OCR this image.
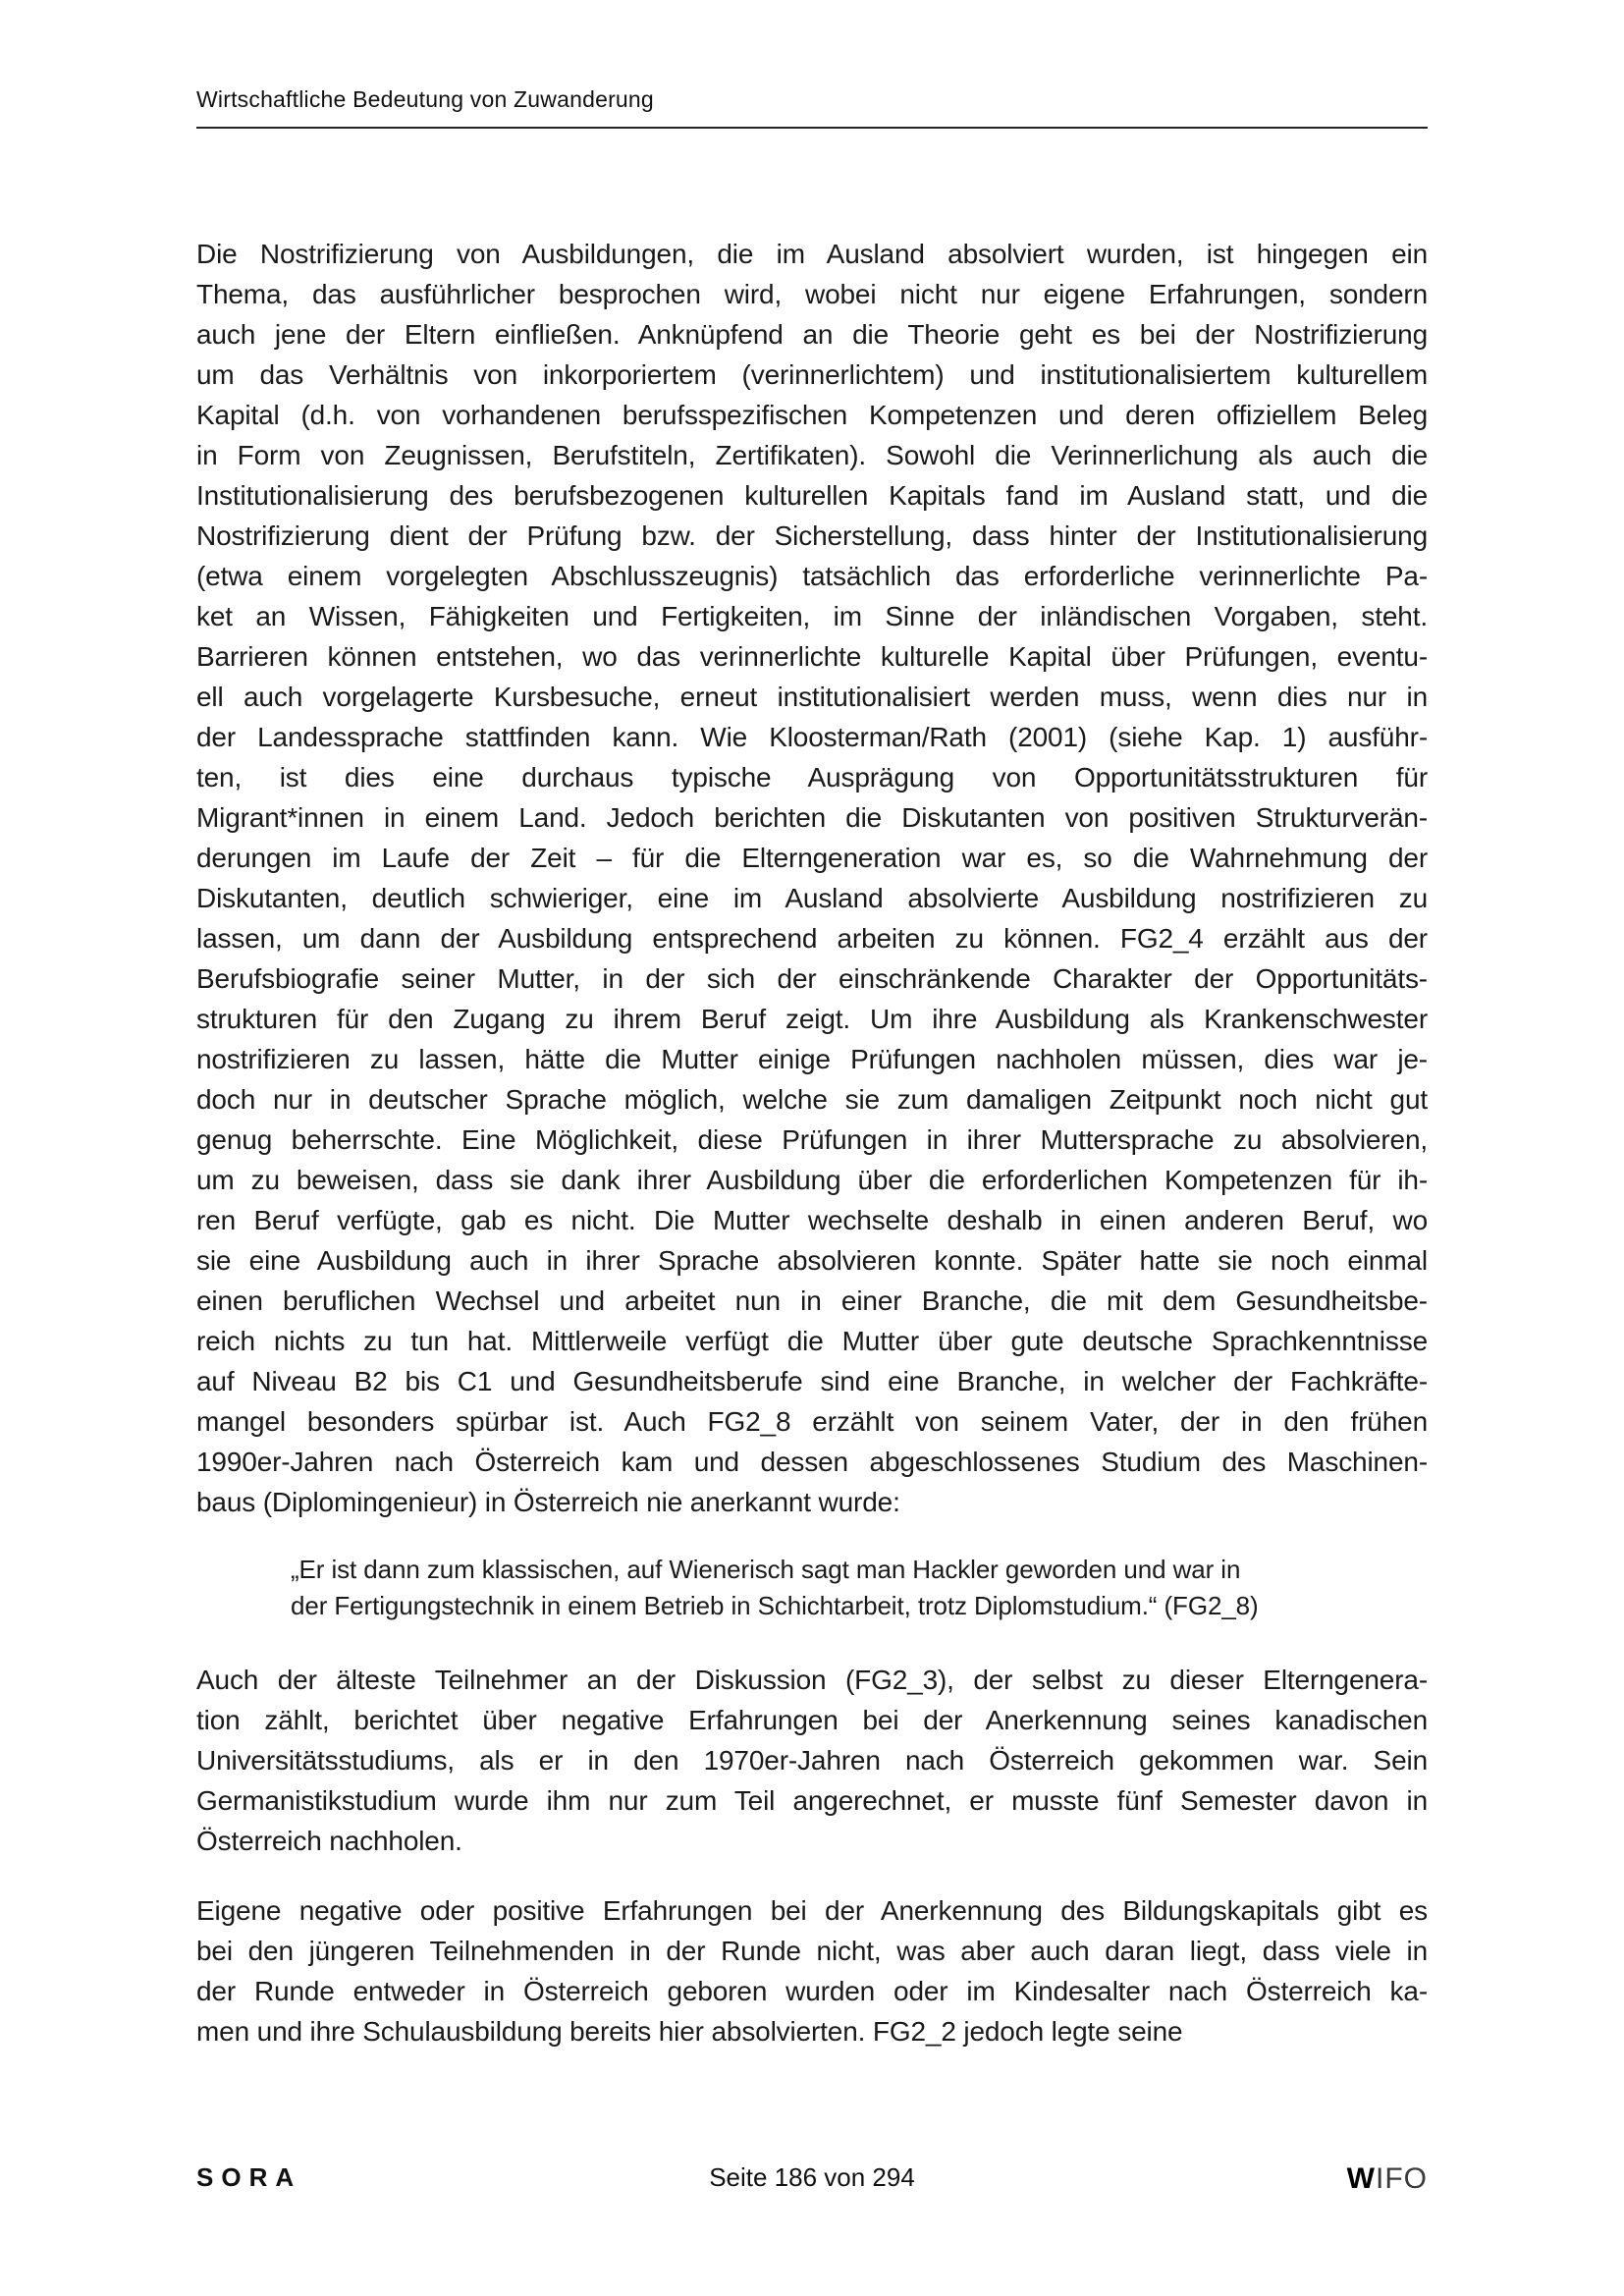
Wirtschaftliche Bedeutung von Zuwanderung
Die Nostrifizierung von Ausbildungen, die im Ausland absolviert wurden, ist hingegen ein
Thema, das ausführlicher besprochen wird, wobei nicht nur eigene Erfahrungen, sondern
auch jene der Eltern einfließen. Anknüpfend an die Theorie geht es bei der Nostrifizierung
um das Verhältnis von inkorporiertem (verinnerlichtem) und institutionalisiertem kulturellem
Kapital (d.h. von vorhandenen berufsspezifischen Kompetenzen und deren offiziellem Beleg
in Form von Zeugnissen, Berufstiteln, Zertifikaten). Sowohl die Verinnerlichung als auch die
Institutionalisierung des berufsbezogenen kulturellen Kapitals fand im Ausland statt, und die
Nostrifizierung dient der Prüfung bzw. der Sicherstellung, dass hinter der Institutionalisierung
(etwa einem vorgelegten Abschlusszeugnis) tatsächlich das erforderliche verinnerlichte Pa-
ket an Wissen, Fähigkeiten und Fertigkeiten, im Sinne der inländischen Vorgaben, steht.
Barrieren können entstehen, wo das verinnerlichte kulturelle Kapital über Prüfungen, eventu-
ell auch vorgelagerte Kursbesuche, erneut institutionalisiert werden muss, wenn dies nur in
der Landessprache stattfinden kann. Wie Kloosterman/Rath (2001) (siehe Kap. 1) ausführ-
ten, ist dies eine durchaus typische Ausprägung von Opportunitätsstrukturen für
Migrant*innen in einem Land. Jedoch berichten die Diskutanten von positiven Strukturverän-
derungen im Laufe der Zeit – für die Elterngeneration war es, so die Wahrnehmung der
Diskutanten, deutlich schwieriger, eine im Ausland absolvierte Ausbildung nostrifizieren zu
lassen, um dann der Ausbildung entsprechend arbeiten zu können. FG2_4 erzählt aus der
Berufsbiografie seiner Mutter, in der sich der einschränkende Charakter der Opportunitäts-
strukturen für den Zugang zu ihrem Beruf zeigt. Um ihre Ausbildung als Krankenschwester
nostrifizieren zu lassen, hätte die Mutter einige Prüfungen nachholen müssen, dies war je-
doch nur in deutscher Sprache möglich, welche sie zum damaligen Zeitpunkt noch nicht gut
genug beherrschte. Eine Möglichkeit, diese Prüfungen in ihrer Muttersprache zu absolvieren,
um zu beweisen, dass sie dank ihrer Ausbildung über die erforderlichen Kompetenzen für ih-
ren Beruf verfügte, gab es nicht. Die Mutter wechselte deshalb in einen anderen Beruf, wo
sie eine Ausbildung auch in ihrer Sprache absolvieren konnte. Später hatte sie noch einmal
einen beruflichen Wechsel und arbeitet nun in einer Branche, die mit dem Gesundheitsbe-
reich nichts zu tun hat. Mittlerweile verfügt die Mutter über gute deutsche Sprachkenntnisse
auf Niveau B2 bis C1 und Gesundheitsberufe sind eine Branche, in welcher der Fachkräfte-
mangel besonders spürbar ist. Auch FG2_8 erzählt von seinem Vater, der in den frühen
1990er-Jahren nach Österreich kam und dessen abgeschlossenes Studium des Maschinen-
baus (Diplomingenieur) in Österreich nie anerkannt wurde:
„Er ist dann zum klassischen, auf Wienerisch sagt man Hackler geworden und war in
der Fertigungstechnik in einem Betrieb in Schichtarbeit, trotz Diplomstudium.“ (FG2_8)
Auch der älteste Teilnehmer an der Diskussion (FG2_3), der selbst zu dieser Elterngenera-
tion zählt, berichtet über negative Erfahrungen bei der Anerkennung seines kanadischen
Universitätsstudiums, als er in den 1970er-Jahren nach Österreich gekommen war. Sein
Germanistikstudium wurde ihm nur zum Teil angerechnet, er musste fünf Semester davon in
Österreich nachholen.
Eigene negative oder positive Erfahrungen bei der Anerkennung des Bildungskapitals gibt es
bei den jüngeren Teilnehmenden in der Runde nicht, was aber auch daran liegt, dass viele in
der Runde entweder in Österreich geboren wurden oder im Kindesalter nach Österreich ka-
men und ihre Schulausbildung bereits hier absolvierten. FG2_2 jedoch legte seine
SORA	Seite 186 von 294	WIFO
